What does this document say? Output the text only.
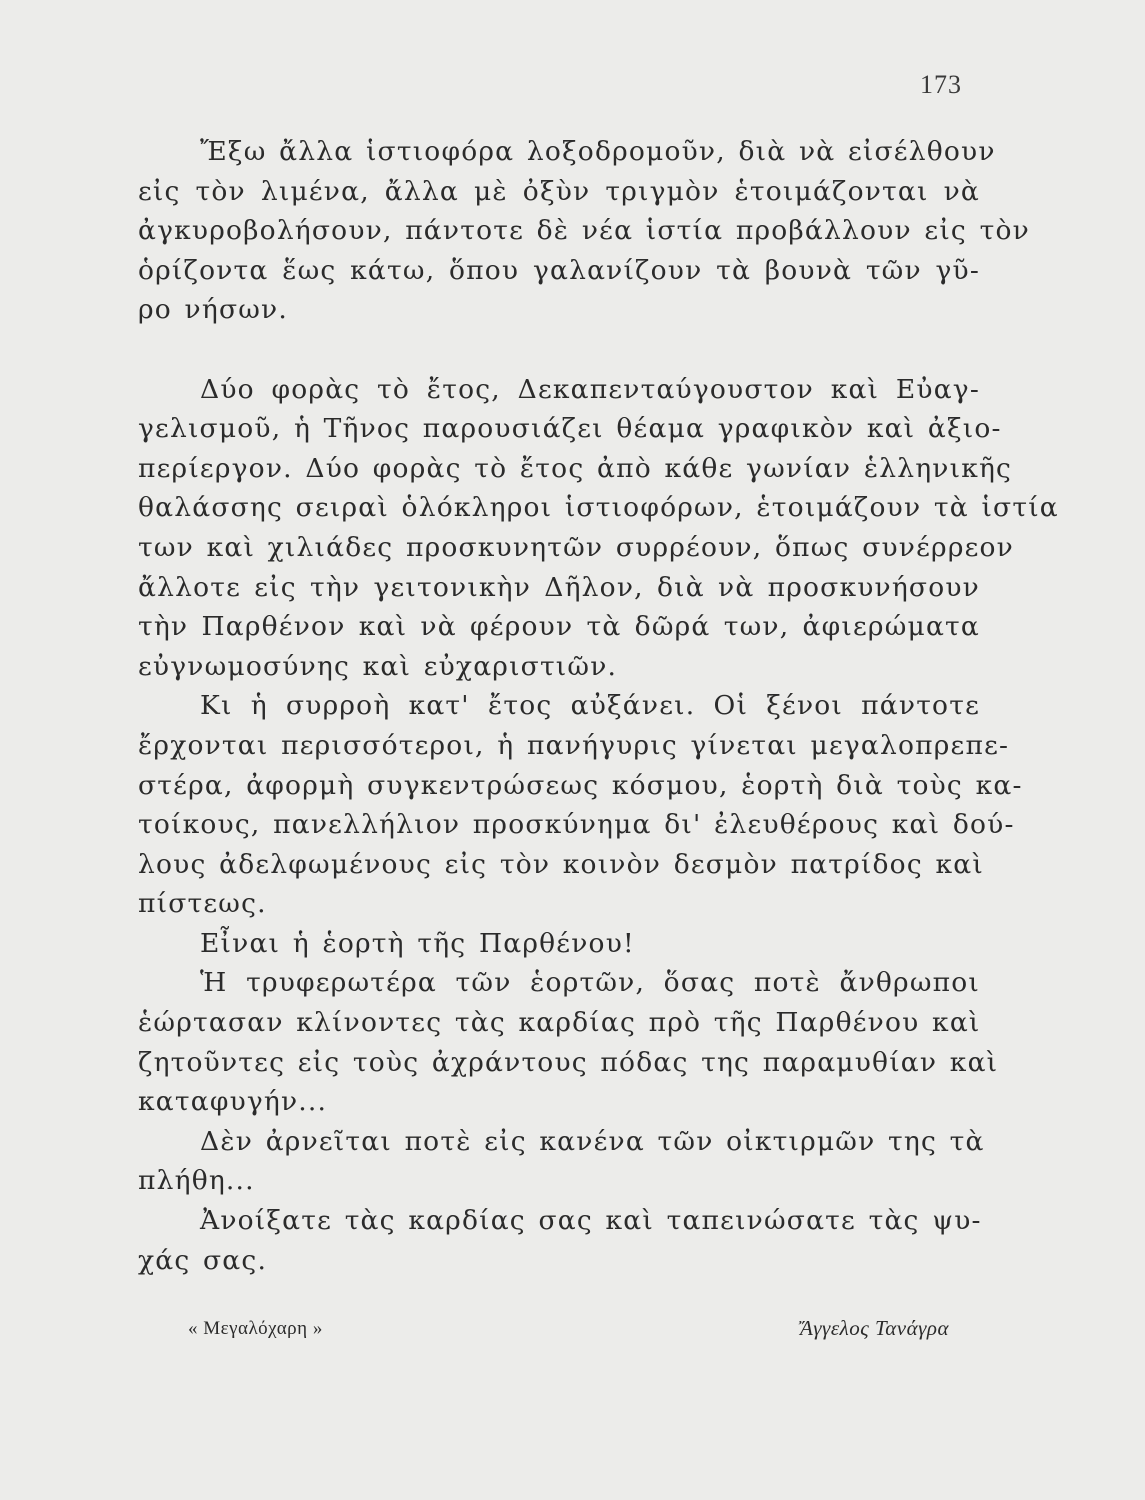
173
Ἔξω ἄλλα ἱστιοφόρα λοξοδρομοῦν, διὰ νὰ εἰσέλθουν
εἰς τὸν λιμένα, ἄλλα μὲ ὀξὺν τριγμὸν ἑτοιμάζονται νὰ
ἀγκυροβολήσουν, πάντοτε δὲ νέα ἱστία προβάλλουν εἰς τὸν
ὁρίζοντα ἕως κάτω, ὅπου γαλανίζουν τὰ βουνὰ τῶν γῦ-
ρο νήσων.
Δύο φορὰς τὸ ἔτος, Δεκαπενταύγουστον καὶ Εὐαγ-
γελισμοῦ, ἡ Τῆνος παρουσιάζει θέαμα γραφικὸν καὶ ἀξιο-
περίεργον. Δύο φορὰς τὸ ἔτος ἀπὸ κάθε γωνίαν ἑλληνικῆς
θαλάσσης σειραὶ ὁλόκληροι ἱστιοφόρων, ἑτοιμάζουν τὰ ἱστία
των καὶ χιλιάδες προσκυνητῶν συρρέουν, ὅπως συνέρρεον
ἄλλοτε εἰς τὴν γειτονικὴν Δῆλον, διὰ νὰ προσκυνήσουν
τὴν Παρθένον καὶ νὰ φέρουν τὰ δῶρά των, ἀφιερώματα
εὐγνωμοσύνης καὶ εὐχαριστιῶν.
Κι ἡ συρροὴ κατ' ἔτος αὐξάνει. Οἱ ξένοι πάντοτε
ἔρχονται περισσότεροι, ἡ πανήγυρις γίνεται μεγαλοπρεπε-
στέρα, ἀφορμὴ συγκεντρώσεως κόσμου, ἑορτὴ διὰ τοὺς κα-
τοίκους, πανελλήλιον προσκύνημα δι' ἐλευθέρους καὶ δού-
λους ἀδελφωμένους εἰς τὸν κοινὸν δεσμὸν πατρίδος καὶ
πίστεως.
Εἶναι ἡ ἑορτὴ τῆς Παρθένου!
Ἡ τρυφερωτέρα τῶν ἑορτῶν, ὅσας ποτὲ ἄνθρωποι
ἑώρτασαν κλίνοντες τὰς καρδίας πρὸ τῆς Παρθένου καὶ
ζητοῦντες εἰς τοὺς ἀχράντους πόδας της παραμυθίαν καὶ
καταφυγήν...
Δὲν ἀρνεῖται ποτὲ εἰς κανένα τῶν οἰκτιρμῶν της τὰ
πλήθη...
Ἀνοίξατε τὰς καρδίας σας καὶ ταπεινώσατε τὰς ψυ-
χάς σας.
« Μεγαλόχαρη »	Ἄγγελος Τανάγρα
